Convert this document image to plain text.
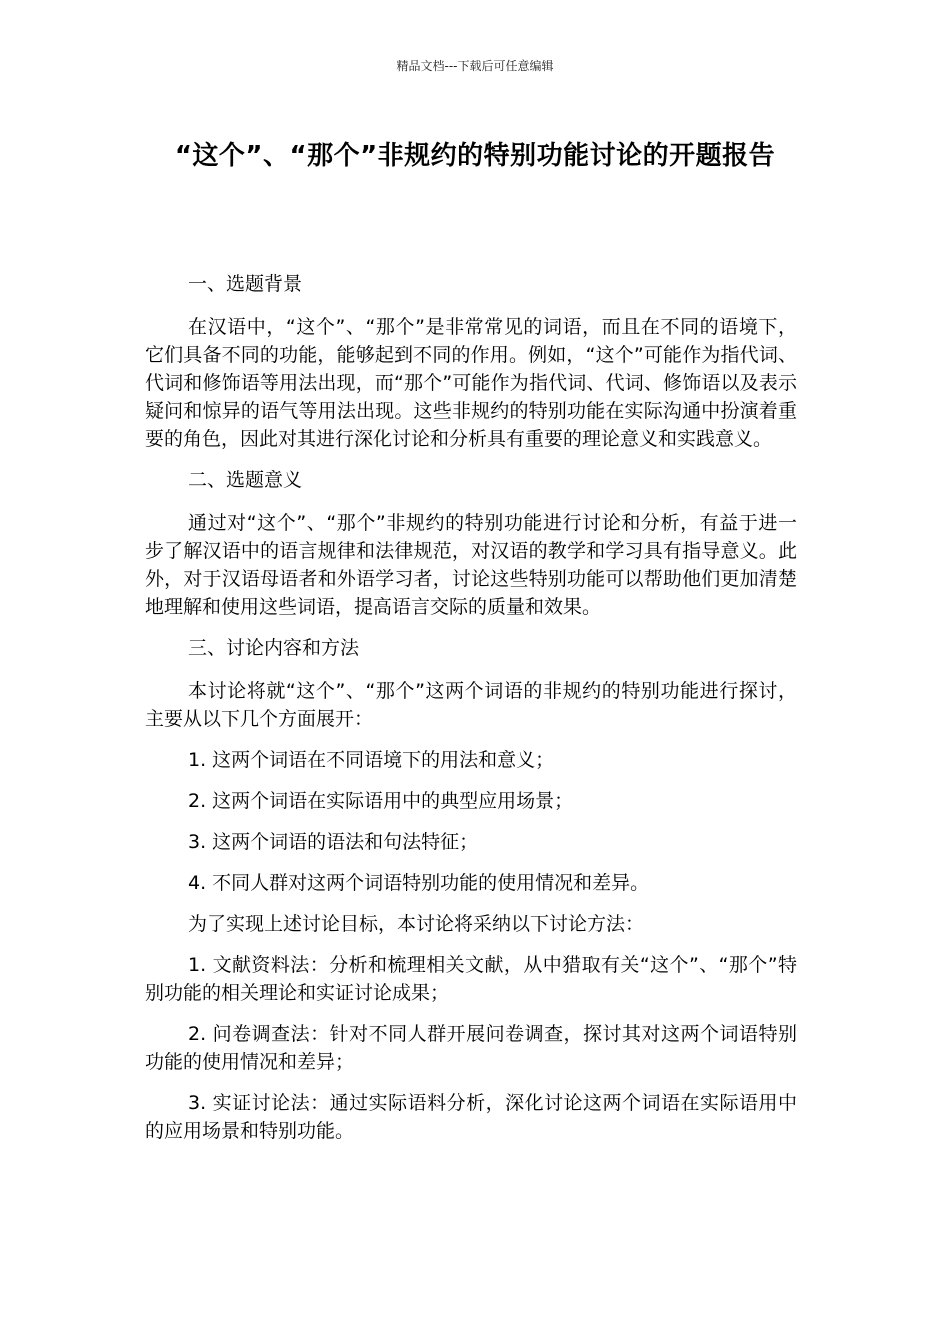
精品文档---下载后可任意编辑
“这个”、“那个”非规约的特别功能讨论的开题报告

一、选题背景

在汉语中，“这个”、“那个”是非常常见的词语，而且在不同的语境下，它们具备不同的功能，能够起到不同的作用。例如，“这个”可能作为指代词、代词和修饰语等用法出现，而“那个”可能作为指代词、代词、修饰语以及表示疑问和惊异的语气等用法出现。这些非规约的特别功能在实际沟通中扮演着重要的角色，因此对其进行深化讨论和分析具有重要的理论意义和实践意义。

二、选题意义

通过对“这个”、“那个”非规约的特别功能进行讨论和分析，有益于进一步了解汉语中的语言规律和法律规范，对汉语的教学和学习具有指导意义。此外，对于汉语母语者和外语学习者，讨论这些特别功能可以帮助他们更加清楚地理解和使用这些词语，提高语言交际的质量和效果。

三、讨论内容和方法

本讨论将就“这个”、“那个”这两个词语的非规约的特别功能进行探讨，主要从以下几个方面展开：

1. 这两个词语在不同语境下的用法和意义；

2. 这两个词语在实际语用中的典型应用场景；

3. 这两个词语的语法和句法特征；

4. 不同人群对这两个词语特别功能的使用情况和差异。

为了实现上述讨论目标，本讨论将采纳以下讨论方法：

1. 文献资料法：分析和梳理相关文献，从中猎取有关“这个”、“那个”特别功能的相关理论和实证讨论成果；

2. 问卷调查法：针对不同人群开展问卷调查，探讨其对这两个词语特别功能的使用情况和差异；

3. 实证讨论法：通过实际语料分析，深化讨论这两个词语在实际语用中的应用场景和特别功能。
